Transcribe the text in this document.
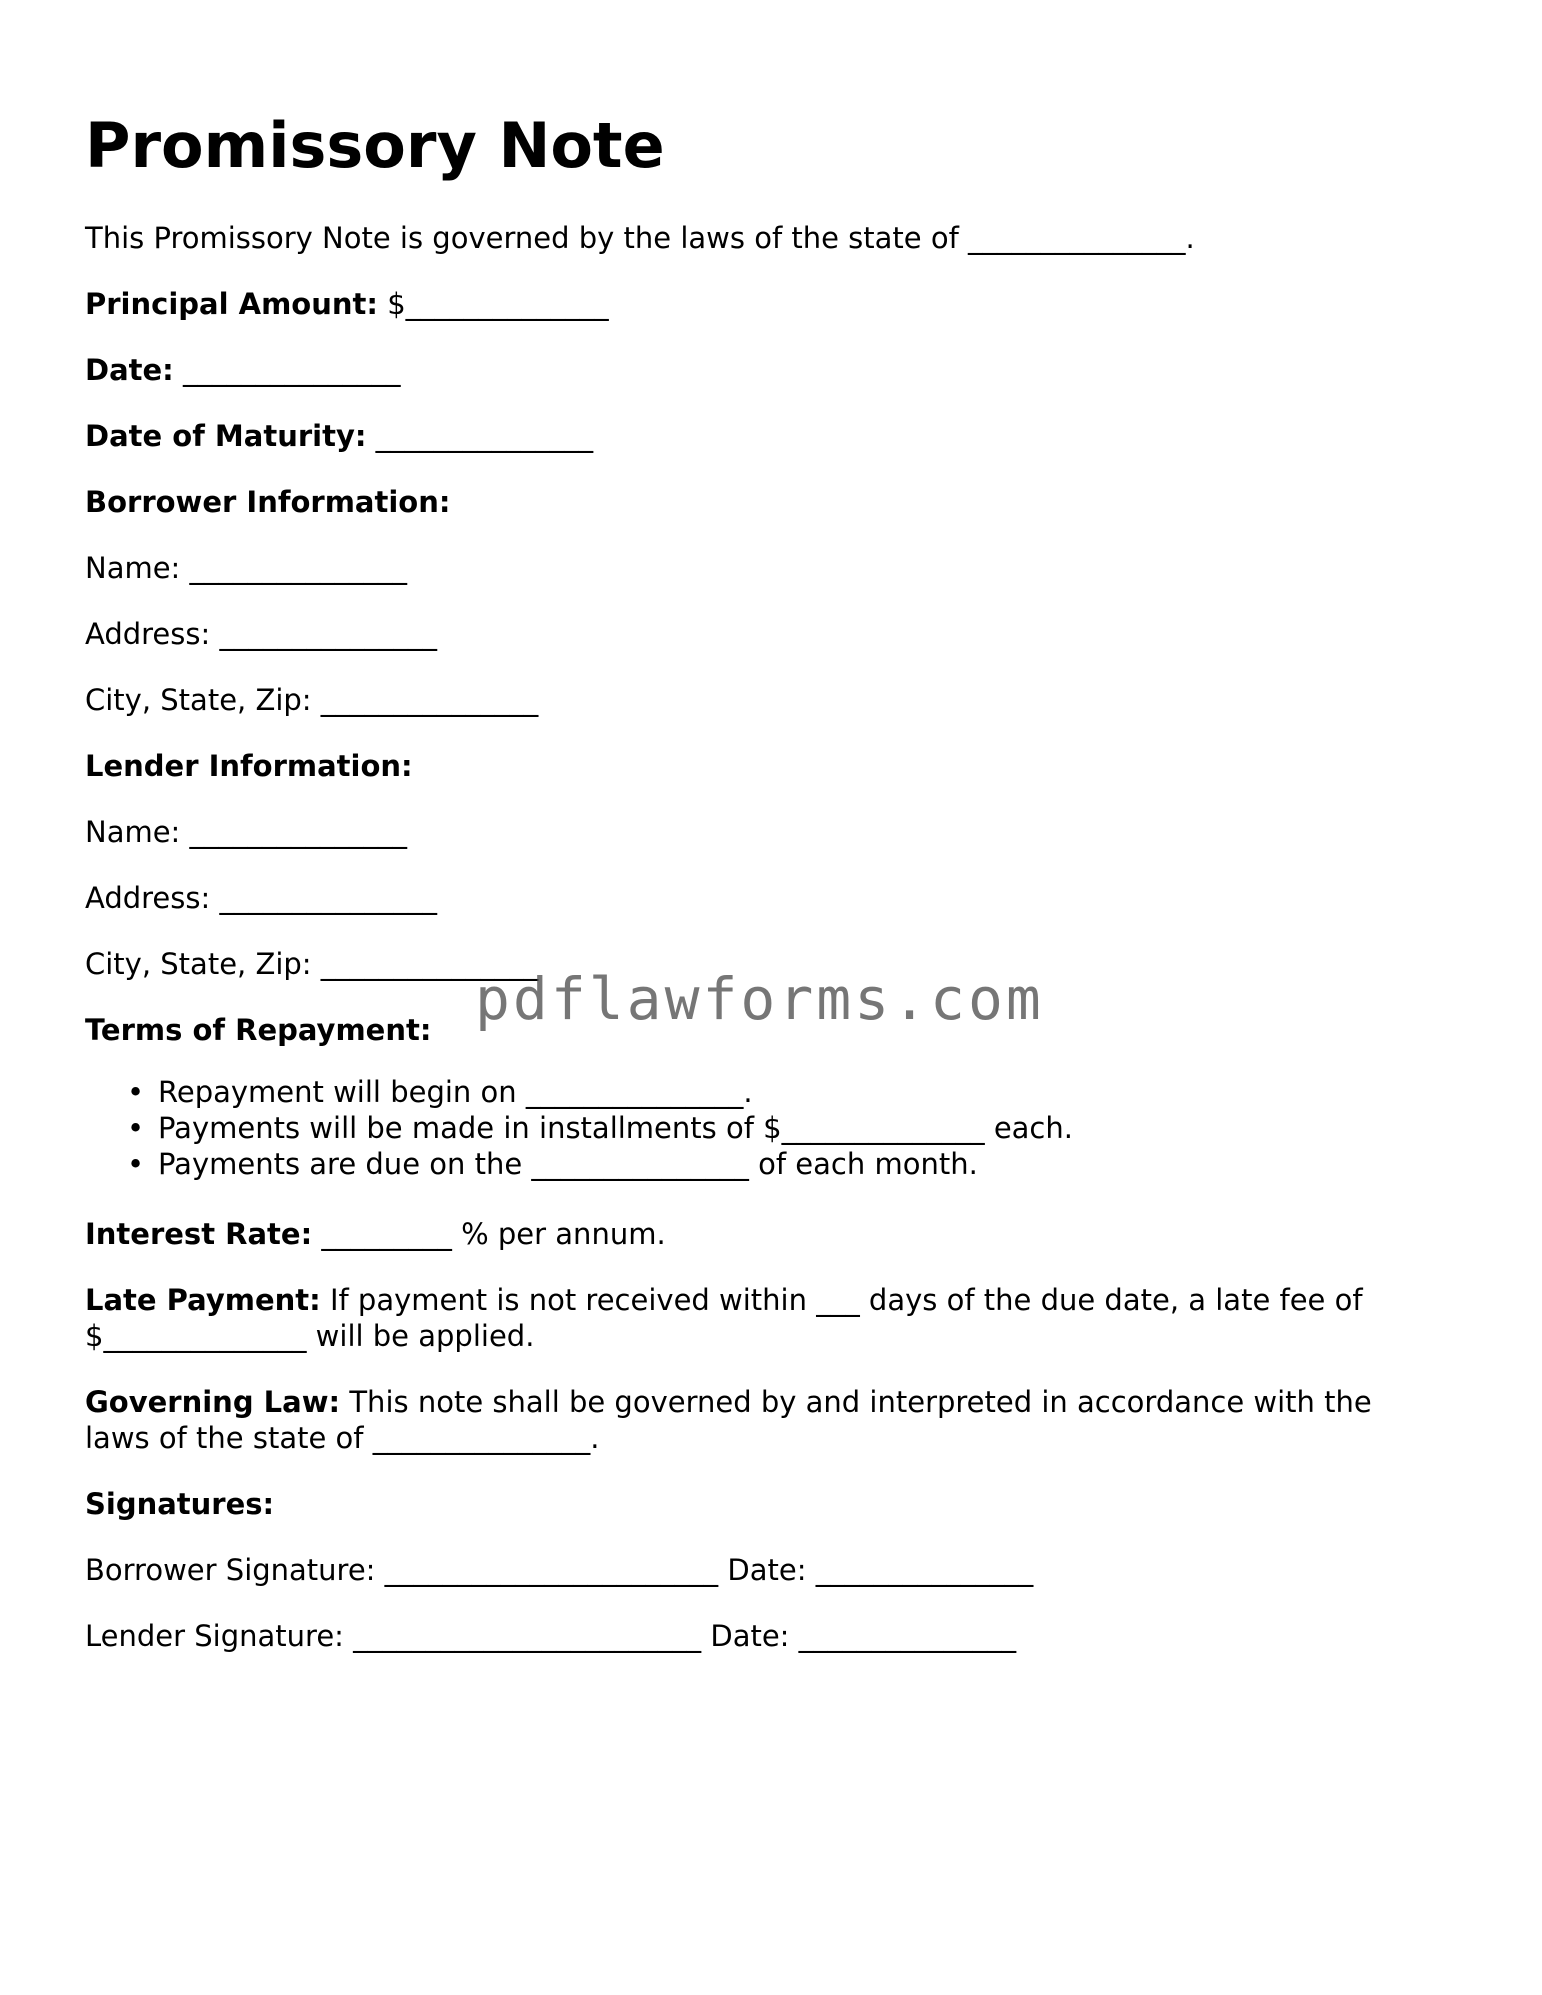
Promissory Note

This Promissory Note is governed by the laws of the state of _______________.

Principal Amount: $______________

Date: _______________

Date of Maturity: _______________

Borrower Information:

Name: _______________

Address: _______________

City, State, Zip: _______________

Lender Information:

Name: _______________

Address: _______________

City, State, Zip: _______________

Terms of Repayment:

• Repayment will begin on _______________.
• Payments will be made in installments of $______________ each.
• Payments are due on the _______________ of each month.

Interest Rate: _________ % per annum.

Late Payment: If payment is not received within ___ days of the due date, a late fee of $______________ will be applied.

Governing Law: This note shall be governed by and interpreted in accordance with the laws of the state of _______________.

Signatures:

Borrower Signature: _______________________ Date: _______________

Lender Signature: ________________________ Date: _______________

pdflawforms.com
